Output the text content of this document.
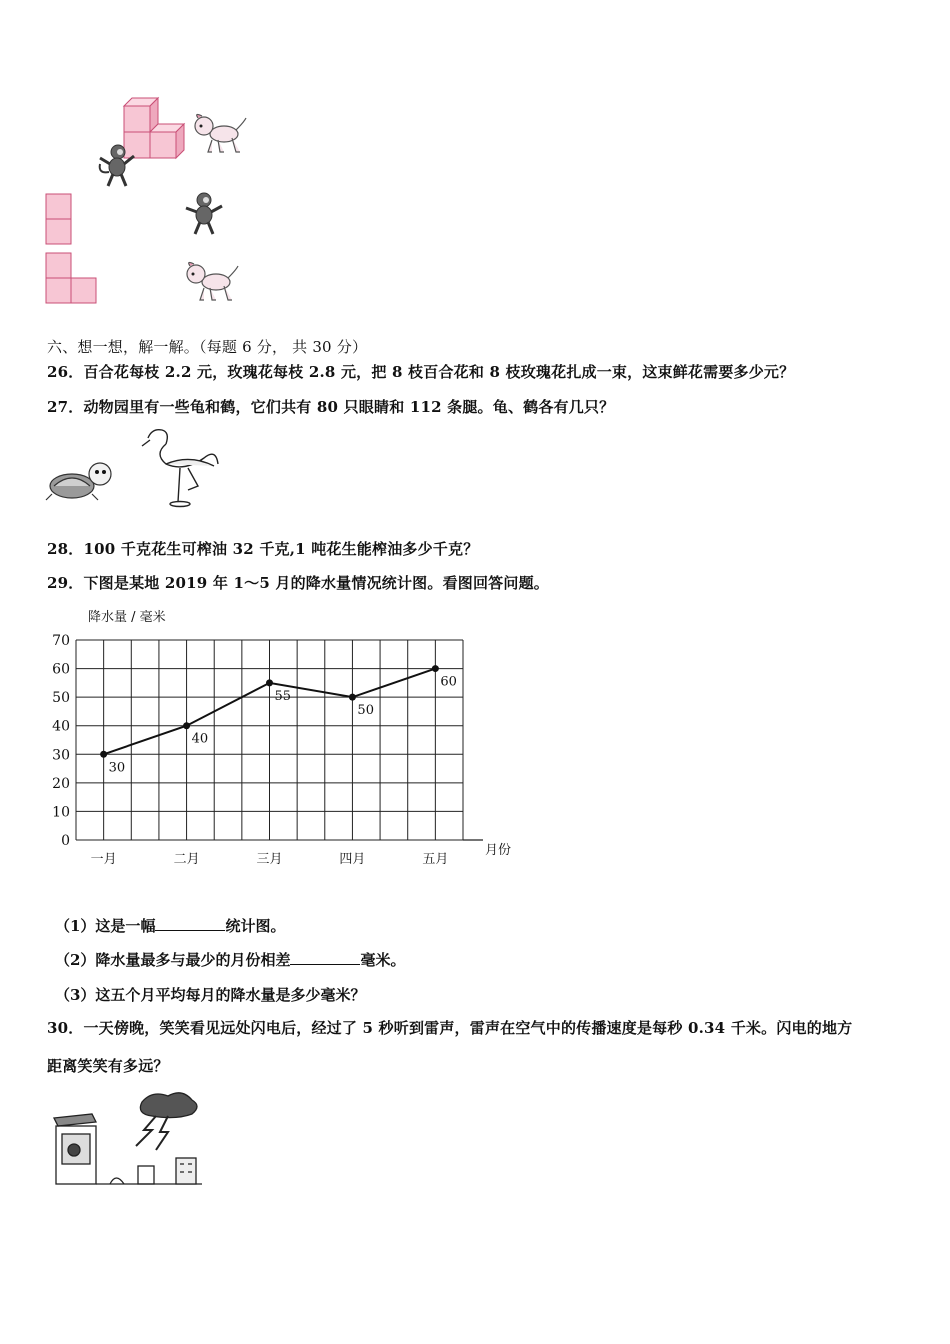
六、想一想，解一解。（每题 6 分， 共 30 分）
26．百合花每枝 2.2 元，玫瑰花每枝 2.8 元，把 8 枝百合花和 8 枝玫瑰花扎成一束，这束鲜花需要多少元？
27．动物园里有一些龟和鹤，它们共有 80 只眼睛和 112 条腿。龟、鹤各有几只？
28．100 千克花生可榨油 32 千克,1 吨花生能榨油多少千克？
29．下图是某地 2019 年 1～5 月的降水量情况统计图。看图回答问题。
0
10
20
30
40
50
60
70
降水量 / 毫米
月份
一月	二月	三月	四月	五月
30
40
55
50
60
（1）这是一幅	统计图。
（2）降水量最多与最少的月份相差	毫米。
（3）这五个月平均每月的降水量是多少毫米？
30．一天傍晚，笑笑看见远处闪电后，经过了 5 秒听到雷声，雷声在空气中的传播速度是每秒 0.34 千米。闪电的地方
距离笑笑有多远？
